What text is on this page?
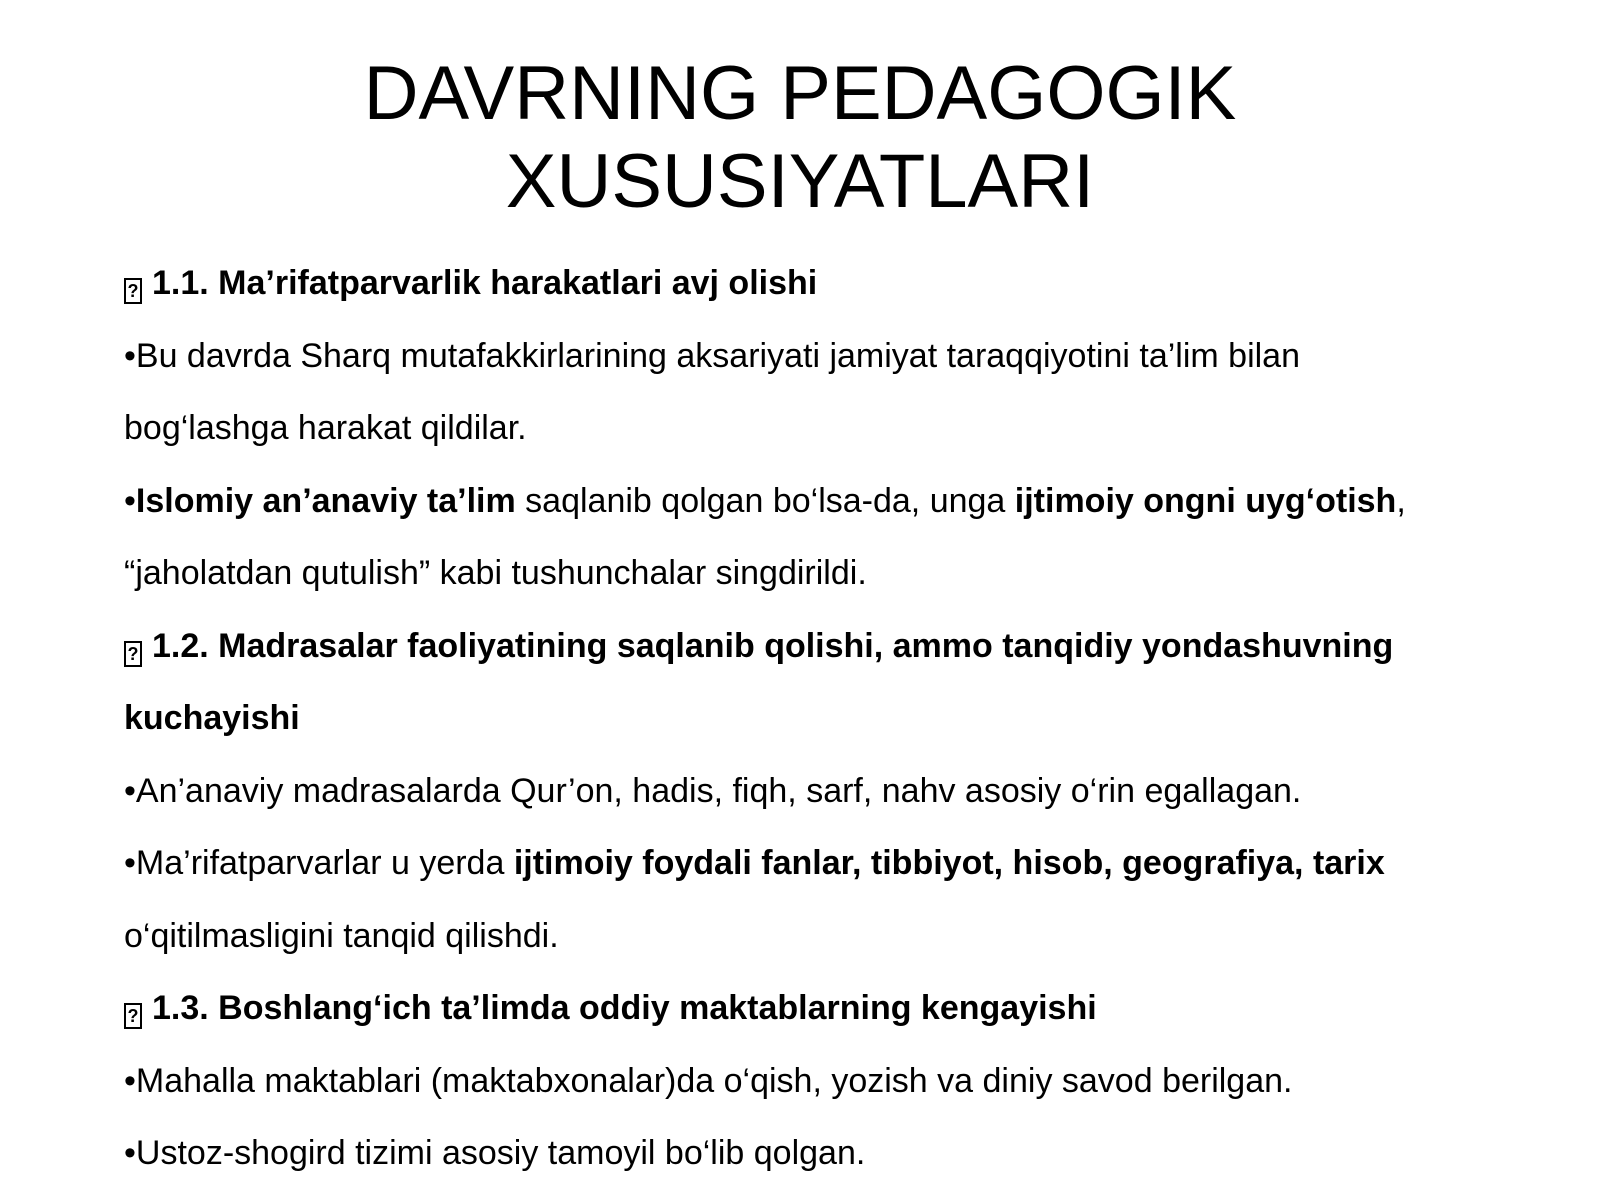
DAVRNING PEDAGOGIK
XUSUSIYATLARI
?1.1. Ma’rifatparvarlik harakatlari avj olishi
•Bu davrda Sharq mutafakkirlarining aksariyati jamiyat taraqqiyotini ta’lim bilan
bog‘lashga harakat qildilar.
•Islomiy an’anaviy ta’lim saqlanib qolgan bo‘lsa-da, unga ijtimoiy ongni uyg‘otish,
“jaholatdan qutulish” kabi tushunchalar singdirildi.
?1.2. Madrasalar faoliyatining saqlanib qolishi, ammo tanqidiy yondashuvning
kuchayishi
•An’anaviy madrasalarda Qur’on, hadis, fiqh, sarf, nahv asosiy o‘rin egallagan.
•Ma’rifatparvarlar u yerda ijtimoiy foydali fanlar, tibbiyot, hisob, geografiya, tarix
o‘qitilmasligini tanqid qilishdi.
?1.3. Boshlang‘ich ta’limda oddiy maktablarning kengayishi
•Mahalla maktablari (maktabxonalar)da o‘qish, yozish va diniy savod berilgan.
•Ustoz-shogird tizimi asosiy tamoyil bo‘lib qolgan.
